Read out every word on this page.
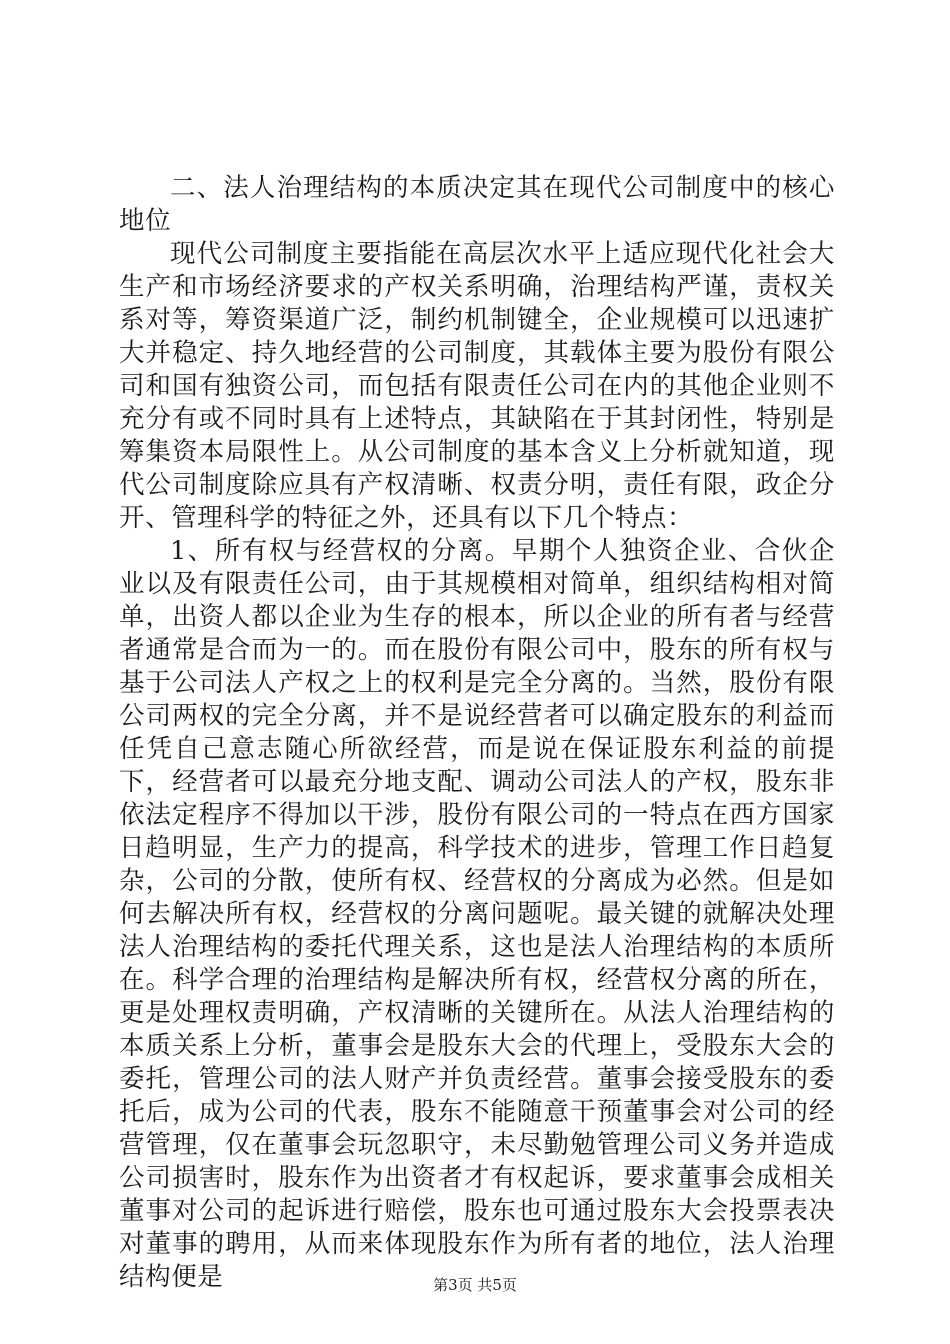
二、法人治理结构的本质决定其在现代公司制度中的核心地位

现代公司制度主要指能在高层次水平上适应现代化社会大生产和市场经济要求的产权关系明确，治理结构严谨，责权关系对等，筹资渠道广泛，制约机制键全，企业规模可以迅速扩大并稳定、持久地经营的公司制度，其载体主要为股份有限公司和国有独资公司，而包括有限责任公司在内的其他企业则不充分有或不同时具有上述特点，其缺陷在于其封闭性，特别是筹集资本局限性上。从公司制度的基本含义上分析就知道，现代公司制度除应具有产权清晰、权责分明，责任有限，政企分开、管理科学的特征之外，还具有以下几个特点：

1、所有权与经营权的分离。早期个人独资企业、合伙企业以及有限责任公司，由于其规模相对简单，组织结构相对简单，出资人都以企业为生存的根本，所以企业的所有者与经营者通常是合而为一的。而在股份有限公司中，股东的所有权与基于公司法人产权之上的权利是完全分离的。当然，股份有限公司两权的完全分离，并不是说经营者可以确定股东的利益而任凭自己意志随心所欲经营，而是说在保证股东利益的前提下，经营者可以最充分地支配、调动公司法人的产权，股东非依法定程序不得加以干涉，股份有限公司的一特点在西方国家日趋明显，生产力的提高，科学技术的进步，管理工作日趋复杂，公司的分散，使所有权、经营权的分离成为必然。但是如何去解决所有权，经营权的分离问题呢。最关键的就解决处理法人治理结构的委托代理关系，这也是法人治理结构的本质所在。科学合理的治理结构是解决所有权，经营权分离的所在，更是处理权责明确，产权清晰的关键所在。从法人治理结构的本质关系上分析，董事会是股东大会的代理上，受股东大会的委托，管理公司的法人财产并负责经营。董事会接受股东的委托后，成为公司的代表，股东不能随意干预董事会对公司的经营管理，仅在董事会玩忽职守，未尽勤勉管理公司义务并造成公司损害时，股东作为出资者才有权起诉，要求董事会成相关董事对公司的起诉进行赔偿，股东也可通过股东大会投票表决对董事的聘用，从而来体现股东作为所有者的地位，法人治理结构便是	第3页 共5页
